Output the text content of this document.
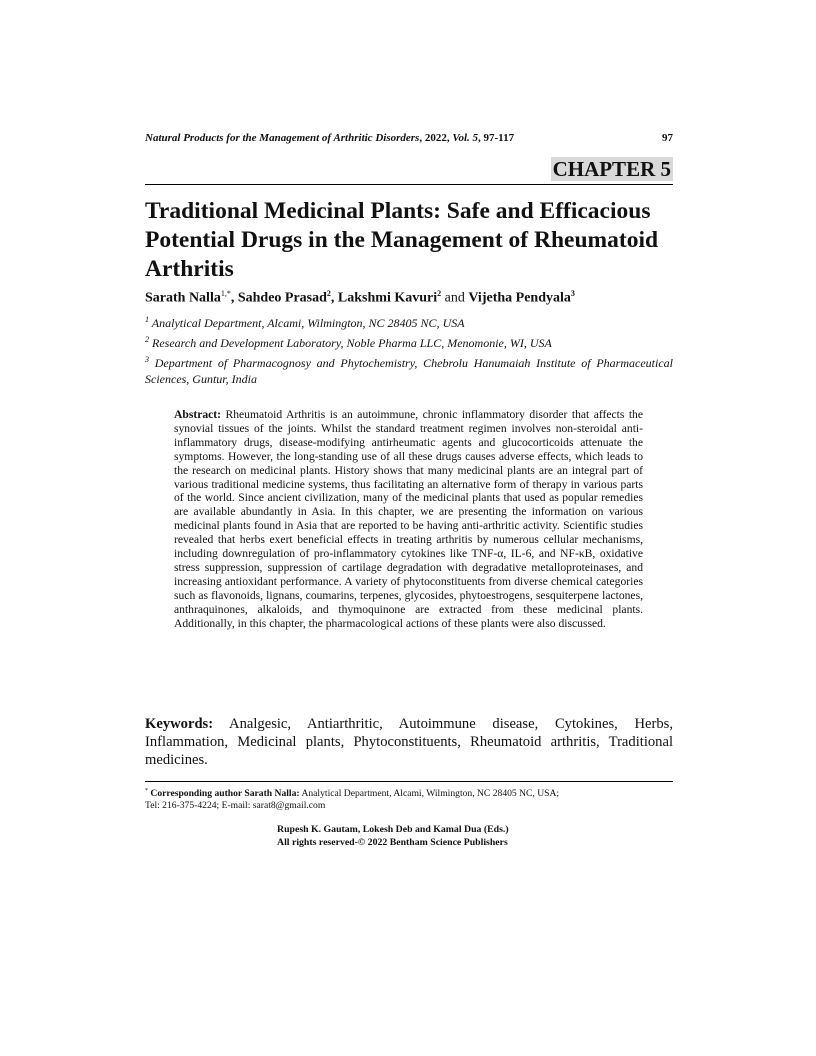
Natural Products for the Management of Arthritic Disorders, 2022, Vol. 5, 97-117	97
CHAPTER 5
Traditional Medicinal Plants: Safe and Efficacious Potential Drugs in the Management of Rheumatoid Arthritis
Sarath Nalla$^{1,*}$, Sahdeo Prasad$^2$, Lakshmi Kavuri$^2$ and Vijetha Pendyala$^3$
$^1$ Analytical Department, Alcami, Wilmington, NC 28405 NC, USA
$^2$ Research and Development Laboratory, Noble Pharma LLC, Menomonie, WI, USA
$^3$ Department of Pharmacognosy and Phytochemistry, Chebrolu Hanumaiah Institute of Pharmaceutical Sciences, Guntur, India

Abstract: Rheumatoid Arthritis is an autoimmune, chronic inflammatory disorder that affects the synovial tissues of the joints. Whilst the standard treatment regimen involves non-steroidal anti-inflammatory drugs, disease-modifying antirheumatic agents and glucocorticoids attenuate the symptoms. However, the long-standing use of all these drugs causes adverse effects, which leads to the research on medicinal plants. History shows that many medicinal plants are an integral part of various traditional medicine systems, thus facilitating an alternative form of therapy in various parts of the world. Since ancient civilization, many of the medicinal plants that used as popular remedies are available abundantly in Asia. In this chapter, we are presenting the information on various medicinal plants found in Asia that are reported to be having anti-arthritic activity. Scientific studies revealed that herbs exert beneficial effects in treating arthritis by numerous cellular mechanisms, including downregulation of pro-inflammatory cytokines like TNF-α, IL-6, and NF-κB, oxidative stress suppression, suppression of cartilage degradation with degradative metalloproteinases, and increasing antioxidant performance. A variety of phytoconstituents from diverse chemical categories such as flavonoids, lignans, coumarins, terpenes, glycosides, phytoestrogens, sesquiterpene lactones, anthraquinones, alkaloids, and thymoquinone are extracted from these medicinal plants. Additionally, in this chapter, the pharmacological actions of these plants were also discussed.

Keywords: Analgesic, Antiarthritic, Autoimmune disease, Cytokines, Herbs, Inflammation, Medicinal plants, Phytoconstituents, Rheumatoid arthritis, Traditional medicines.

* Corresponding author Sarath Nalla: Analytical Department, Alcami, Wilmington, NC 28405 NC, USA;
Tel: 216-375-4224; E-mail: sarat8@gmail.com

Rupesh K. Gautam, Lokesh Deb and Kamal Dua (Eds.)
All rights reserved-© 2022 Bentham Science Publishers
